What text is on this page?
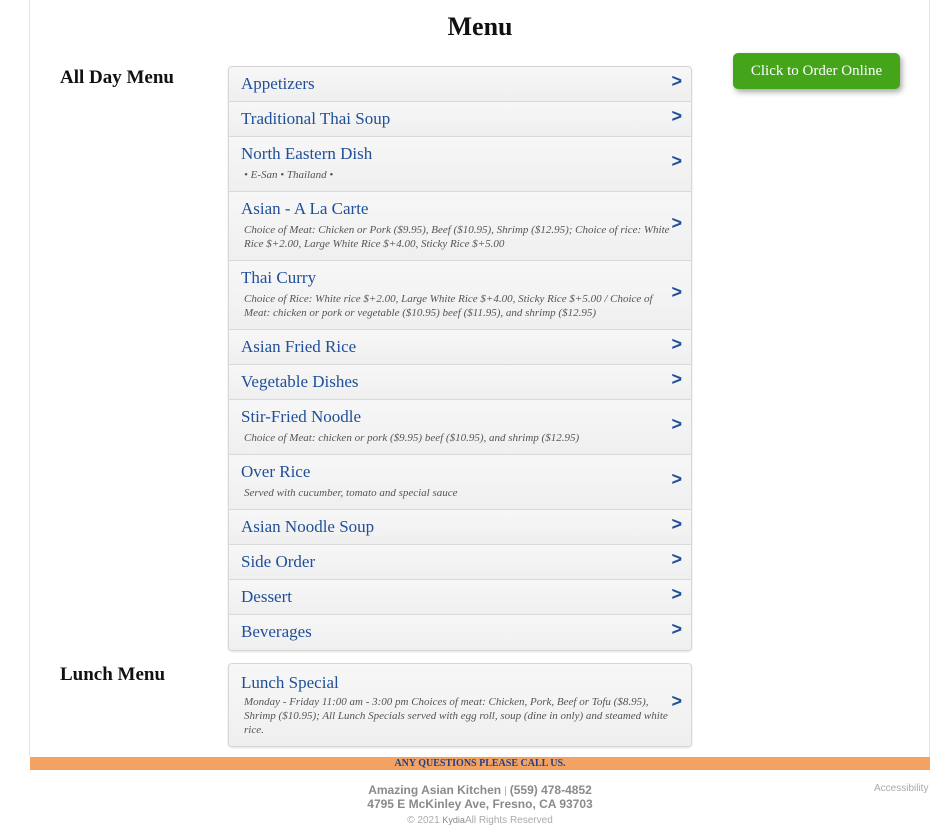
Menu
All Day Menu	Click to Order Online
Appetizers	>
Traditional Thai Soup	>
North Eastern Dish
• E-San • Thailand •
>
Asian - A La Carte
Choice of Meat: Chicken or Pork ($9.95), Beef ($10.95), Shrimp ($12.95); Choice of rice: White Rice $+2.00, Large White Rice $+4.00, Sticky Rice $+5.00
>
Thai Curry
Choice of Rice: White rice $+2.00, Large White Rice $+4.00, Sticky Rice $+5.00 / Choice of Meat: chicken or pork or vegetable ($10.95) beef ($11.95), and shrimp ($12.95)
>
Asian Fried Rice	>
Vegetable Dishes	>
Stir-Fried Noodle
Choice of Meat: chicken or pork ($9.95) beef ($10.95), and shrimp ($12.95)
>
Over Rice
Served with cucumber, tomato and special sauce
>
Asian Noodle Soup	>
Side Order	>
Dessert	>
Beverages	>
Lunch Menu	Lunch Special
Monday - Friday 11:00 am - 3:00 pm Choices of meat: Chicken, Pork, Beef or Tofu ($8.95), Shrimp ($10.95); All Lunch Specials served with egg roll, soup (dine in only) and steamed white rice.
>
ANY QUESTIONS PLEASE CALL US.
Amazing Asian Kitchen | (559) 478-4852
4795 E McKinley Ave, Fresno, CA 93703
© 2021 KydiaAll Rights Reserved
Accessibility
